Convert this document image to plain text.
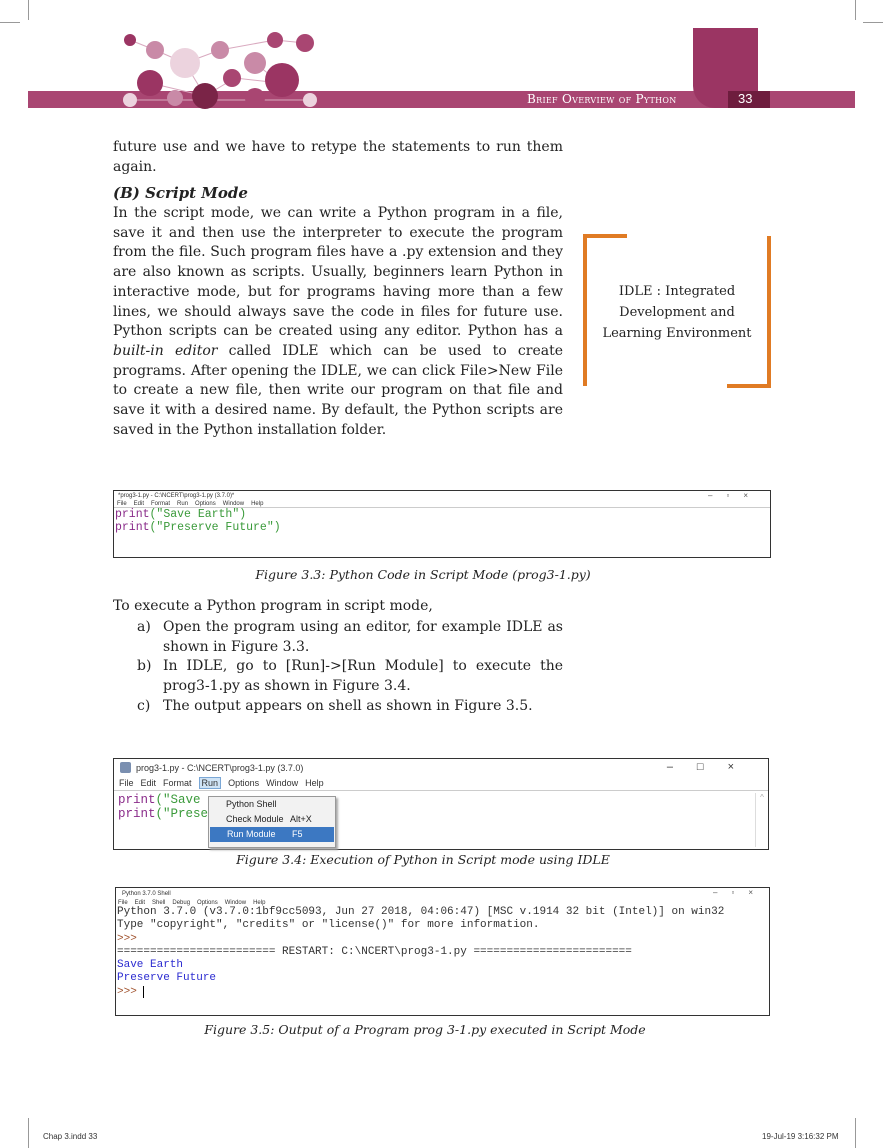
Brief Overview of Python	33
future use and we have to retype the statements to run them again.
(B) Script Mode
In the script mode, we can write a Python program in a file, save it and then use the interpreter to execute the program from the file. Such program files have a .py extension and they are also known as scripts. Usually, beginners learn Python in interactive mode, but for programs having more than a few lines, we should always save the code in files for future use. Python scripts can be created using any editor. Python has a built-in editor called IDLE which can be used to create programs. After opening the IDLE, we can click File>New File to create a new file, then write our program on that file and save it with a desired name. By default, the Python scripts are saved in the Python installation folder.
IDLE : Integrated Development and Learning Environment
*prog3-1.py - C:\NCERT\prog3-1.py (3.7.0)*	–▫×
File Edit Format Run Options Window Help
print("Save Earth")
print("Preserve Future")
Figure 3.3: Python Code in Script Mode (prog3-1.py)
To execute a Python program in script mode,
a) Open the program using an editor, for example IDLE as shown in Figure 3.3.
b) In IDLE, go to [Run]->[Run Module] to execute the prog3-1.py as shown in Figure 3.4.
c) The output appears on shell as shown in Figure 3.5.
prog3-1.py - C:\NCERT\prog3-1.py (3.7.0)	–□×
File Edit Format Run Options Window Help
print("Save
print("Prese
Python Shell
Check Module Alt+X
Run Module F5
^
Figure 3.4: Execution of Python in Script mode using IDLE
Python 3.7.0 Shell	–▫×
File Edit Shell Debug Options Window Help
Python 3.7.0 (v3.7.0:1bf9cc5093, Jun 27 2018, 04:06:47) [MSC v.1914 32 bit (Intel)] on win32
Type "copyright", "credits" or "license()" for more information.
>>>
======================== RESTART: C:\NCERT\prog3-1.py ========================
Save Earth
Preserve Future
>>>
Figure 3.5: Output of a Program prog 3-1.py executed in Script Mode
Chap 3.indd 33	19-Jul-19 3:16:32 PM
